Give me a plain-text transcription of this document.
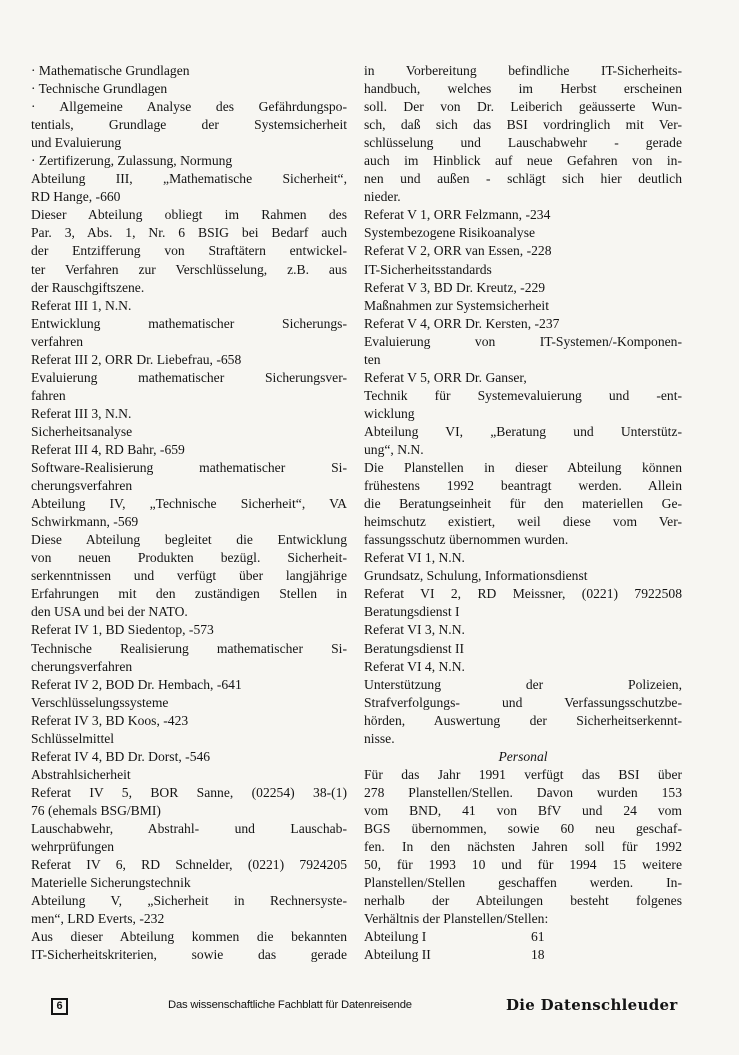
· Mathematische Grundlagen
· Technische Grundlagen
· Allgemeine Analyse des Gefährdungspo-
tentials, Grundlage der Systemsicherheit
und Evaluierung
· Zertifizerung, Zulassung, Normung
Abteilung III, „Mathematische Sicherheit“,
RD Hange, -660
Dieser Abteilung obliegt im Rahmen des
Par. 3, Abs. 1, Nr. 6 BSIG bei Bedarf auch
der Entzifferung von Straftätern entwickel-
ter Verfahren zur Verschlüsselung, z.B. aus
der Rauschgiftszene.
Referat III 1, N.N.
Entwicklung mathematischer Sicherungs-
verfahren
Referat III 2, ORR Dr. Liebefrau, -658
Evaluierung mathematischer Sicherungsver-
fahren
Referat III 3, N.N.
Sicherheitsanalyse
Referat III 4, RD Bahr, -659
Software-Realisierung mathematischer Si-
cherungsverfahren
Abteilung IV, „Technische Sicherheit“, VA
Schwirkmann, -569
Diese Abteilung begleitet die Entwicklung
von neuen Produkten bezügl. Sicherheit-
serkenntnissen und verfügt über langjährige
Erfahrungen mit den zuständigen Stellen in
den USA und bei der NATO.
Referat IV 1, BD Siedentop, -573
Technische Realisierung mathematischer Si-
cherungsverfahren
Referat IV 2, BOD Dr. Hembach, -641
Verschlüsselungssysteme
Referat IV 3, BD Koos, -423
Schlüsselmittel
Referat IV 4, BD Dr. Dorst, -546
Abstrahlsicherheit
Referat IV 5, BOR Sanne, (02254) 38-(1)
76 (ehemals BSG/BMI)
Lauschabwehr, Abstrahl- und Lauschab-
wehrprüfungen
Referat IV 6, RD Schnelder, (0221) 7924205
Materielle Sicherungstechnik
Abteilung V, „Sicherheit in Rechnersyste-
men“, LRD Everts, -232
Aus dieser Abteilung kommen die bekannten
IT-Sicherheitskriterien, sowie das gerade
in Vorbereitung befindliche IT-Sicherheits-
handbuch, welches im Herbst erscheinen
soll. Der von Dr. Leiberich geäusserte Wun-
sch, daß sich das BSI vordringlich mit Ver-
schlüsselung und Lauschabwehr - gerade
auch im Hinblick auf neue Gefahren von in-
nen und außen - schlägt sich hier deutlich
nieder.
Referat V 1, ORR Felzmann, -234
Systembezogene Risikoanalyse
Referat V 2, ORR van Essen, -228
IT-Sicherheitsstandards
Referat V 3, BD Dr. Kreutz, -229
Maßnahmen zur Systemsicherheit
Referat V 4, ORR Dr. Kersten, -237
Evaluierung von IT-Systemen/-Komponen-
ten
Referat V 5, ORR Dr. Ganser,
Technik für Systemevaluierung und -ent-
wicklung
Abteilung VI, „Beratung und Unterstütz-
ung“, N.N.
Die Planstellen in dieser Abteilung können
frühestens 1992 beantragt werden. Allein
die Beratungseinheit für den materiellen Ge-
heimschutz existiert, weil diese vom Ver-
fassungsschutz übernommen wurden.
Referat VI 1, N.N.
Grundsatz, Schulung, Informationsdienst
Referat VI 2, RD Meissner, (0221) 7922508
Beratungsdienst I
Referat VI 3, N.N.
Beratungsdienst II
Referat VI 4, N.N.
Unterstützung der Polizeien,
Strafverfolgungs- und Verfassungsschutzbe-
hörden, Auswertung der Sicherheitserkennt-
nisse.
Personal
Für das Jahr 1991 verfügt das BSI über
278 Planstellen/Stellen. Davon wurden 153
vom BND, 41 von BfV und 24 vom
BGS übernommen, sowie 60 neu geschaf-
fen. In den nächsten Jahren soll für 1992
50, für 1993 10 und für 1994 15 weitere
Planstellen/Stellen geschaffen werden. In-
nerhalb der Abteilungen besteht folgenes
Verhältnis der Planstellen/Stellen:
Abteilung I	61
Abteilung II	18
6	Das wissenschaftliche Fachblatt für Datenreisende	Die Datenschleuder
